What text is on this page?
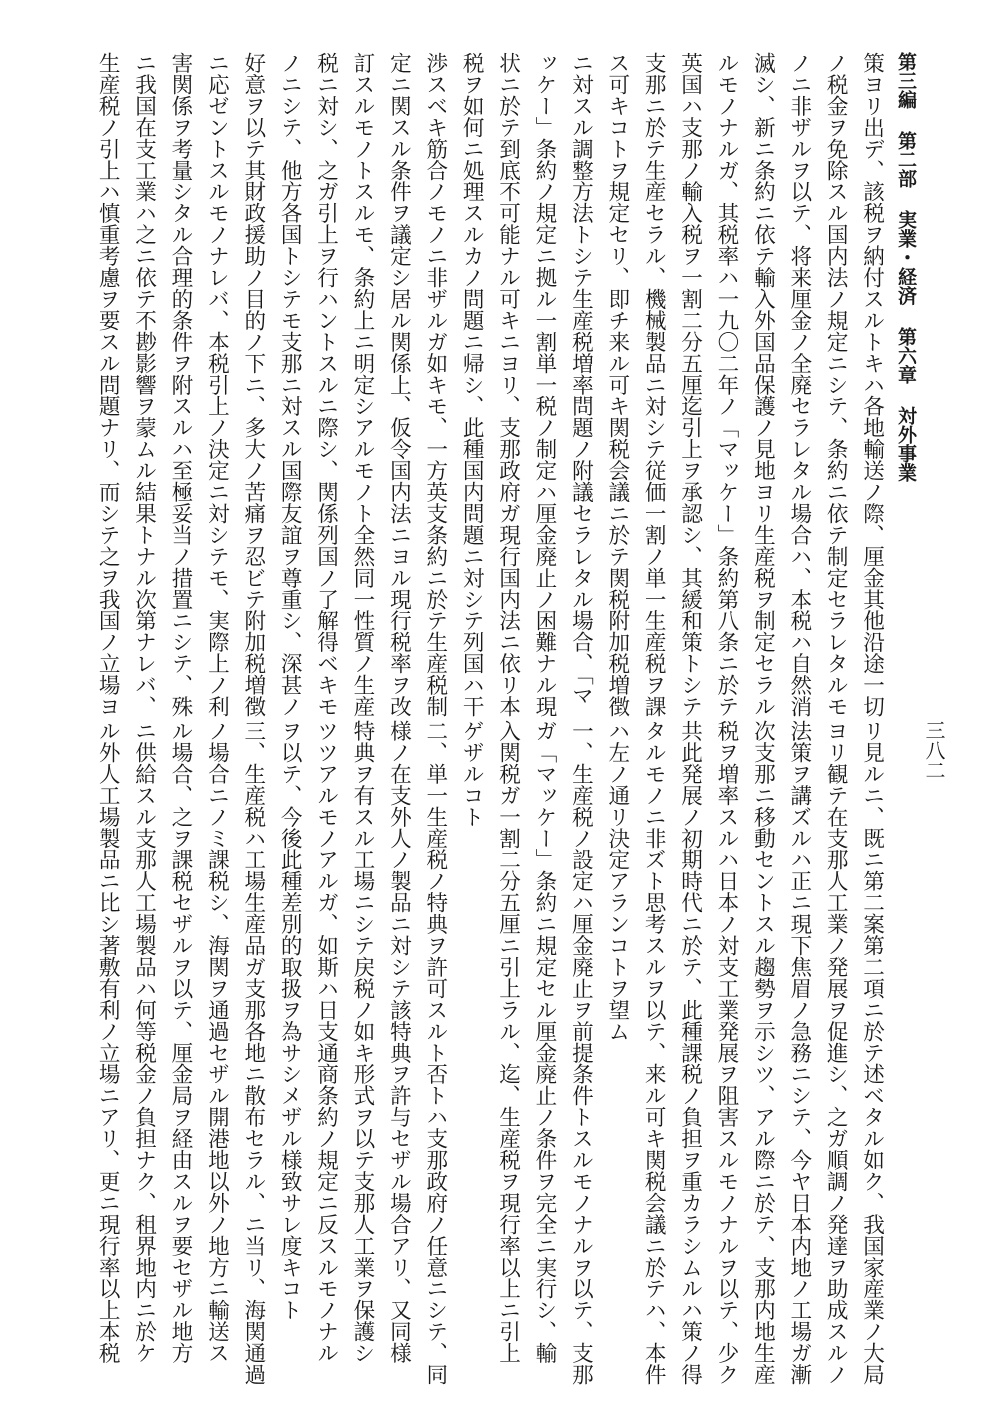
第三編第二部実業・経済第六章対外事業
三八二
策ヨリ出デ、該税ヲ納付スルトキハ各地輸送ノ際、厘金其他沿途一切
ノ税金ヲ免除スル国内法ノ規定ニシテ、条約ニ依テ制定セラレタルモ
ノニ非ザルヲ以テ、将来厘金ノ全廃セラレタル場合ハ、本税ハ自然消
滅シ、新ニ条約ニ依テ輸入外国品保護ノ見地ヨリ生産税ヲ制定セラル
ルモノナルガ、其税率ハ一九〇二年ノ「マッケー」条約第八条ニ於テ
英国ハ支那ノ輸入税ヲ一割二分五厘迄引上ヲ承認シ、其緩和策トシテ
支那ニ於テ生産セラル、機械製品ニ対シテ従価一割ノ単一生産税ヲ課
ス可キコトヲ規定セリ、即チ来ル可キ関税会議ニ於テ関税附加税増徴
ニ対スル調整方法トシテ生産税増率問題ノ附議セラレタル場合、「マ
ッケー」条約ノ規定ニ拠ル一割単一税ノ制定ハ厘金廃止ノ困難ナル現
状ニ於テ到底不可能ナル可キニヨリ、支那政府ガ現行国内法ニ依リ本
税ヲ如何ニ処理スルカノ問題ニ帰シ、此種国内問題ニ対シテ列国ハ干
渉スベキ筋合ノモノニ非ザルガ如キモ、一方英支条約ニ於テ生産税制
定ニ関スル条件ヲ議定シ居ル関係上、仮令国内法ニヨル現行税率ヲ改
訂スルモノトスルモ、条約上ニ明定シアルモノト全然同一性質ノ生産
税ニ対シ、之ガ引上ヲ行ハントスルニ際シ、関係列国ノ了解得ベキモ
ノニシテ、他方各国トシテモ支那ニ対スル国際友誼ヲ尊重シ、深甚ノ
好意ヲ以テ其財政援助ノ目的ノ下ニ、多大ノ苦痛ヲ忍ビテ附加税増徴
ニ応ゼントスルモノナレバ、本税引上ノ決定ニ対シテモ、実際上ノ利
害関係ヲ考量シタル合理的条件ヲ附スルハ至極妥当ノ措置ニシテ、殊
ニ我国在支工業ハ之ニ依テ不尠影響ヲ蒙ムル結果トナル次第ナレバ、
生産税ノ引上ハ慎重考慮ヲ要スル問題ナリ、而シテ之ヲ我国ノ立場ヨ
リ見ルニ、既ニ第二案第二項ニ於テ述ベタル如ク、我国家産業ノ大局
ヨリ観テ在支那人工業ノ発展ヲ促進シ、之ガ順調ノ発達ヲ助成スルノ
法策ヲ講ズルハ正ニ現下焦眉ノ急務ニシテ、今ヤ日本内地ノ工場ガ漸
次支那ニ移動セントスル趨勢ヲ示シツ、アル際ニ於テ、支那内地生産
税ヲ増率スルハ日本ノ対支工業発展ヲ阻害スルモノナルヲ以テ、少ク
共此発展ノ初期時代ニ於テ、此種課税ノ負担ヲ重カラシムルハ策ノ得
タルモノニ非ズト思考スルヲ以テ、来ル可キ関税会議ニ於テハ、本件
ハ左ノ通リ決定アランコトヲ望ム
一、生産税ノ設定ハ厘金廃止ヲ前提条件トスルモノナルヲ以テ、支那
ガ「マッケー」条約ニ規定セル厘金廃止ノ条件ヲ完全ニ実行シ、輸
入関税ガ一割二分五厘ニ引上ラル、迄、生産税ヲ現行率以上ニ引上
ゲザルコト
二、単一生産税ノ特典ヲ許可スルト否トハ支那政府ノ任意ニシテ、同
様ノ在支外人ノ製品ニ対シテ該特典ヲ許与セザル場合アリ、又同様
特典ヲ有スル工場ニシテ戻税ノ如キ形式ヲ以テ支那人工業ヲ保護シ
ツツアルモノアルガ、如斯ハ日支通商条約ノ規定ニ反スルモノナル
ヲ以テ、今後此種差別的取扱ヲ為サシメザル様致サレ度キコト
三、生産税ハ工場生産品ガ支那各地ニ散布セラル、ニ当リ、海関通過
ノ場合ニノミ課税シ、海関ヲ通過セザル開港地以外ノ地方ニ輸送ス
ル場合、之ヲ課税セザルヲ以テ、厘金局ヲ経由スルヲ要セザル地方
ニ供給スル支那人工場製品ハ何等税金ノ負担ナク、租界地内ニ於ケ
ル外人工場製品ニ比シ著敷有利ノ立場ニアリ、更ニ現行率以上本税
